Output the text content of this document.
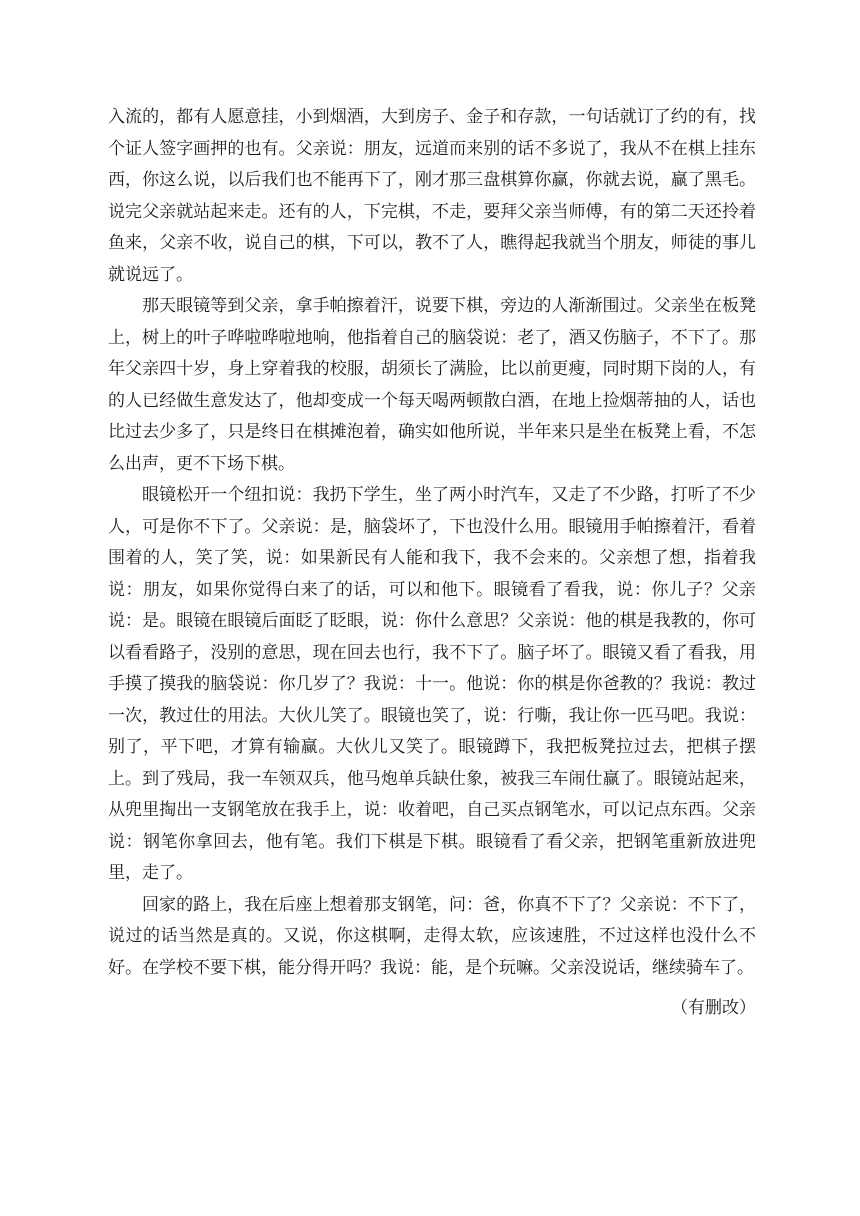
入流的，都有人愿意挂，小到烟酒，大到房子、金子和存款，一句话就订了约的有，找个证人签字画押的也有。父亲说：朋友，远道而来别的话不多说了，我从不在棋上挂东西，你这么说，以后我们也不能再下了，刚才那三盘棋算你赢，你就去说，赢了黑毛。说完父亲就站起来走。还有的人，下完棋，不走，要拜父亲当师傅，有的第二天还拎着鱼来，父亲不收，说自己的棋，下可以，教不了人，瞧得起我就当个朋友，师徒的事儿就说远了。

那天眼镜等到父亲，拿手帕擦着汗，说要下棋，旁边的人渐渐围过。父亲坐在板凳上，树上的叶子哗啦哗啦地响，他指着自己的脑袋说：老了，酒又伤脑子，不下了。那年父亲四十岁，身上穿着我的校服，胡须长了满脸，比以前更瘦，同时期下岗的人，有的人已经做生意发达了，他却变成一个每天喝两顿散白酒，在地上捡烟蒂抽的人，话也比过去少多了，只是终日在棋摊泡着，确实如他所说，半年来只是坐在板凳上看，不怎么出声，更不下场下棋。

眼镜松开一个纽扣说：我扔下学生，坐了两小时汽车，又走了不少路，打听了不少人，可是你不下了。父亲说：是，脑袋坏了，下也没什么用。眼镜用手帕擦着汗，看着围着的人，笑了笑，说：如果新民有人能和我下，我不会来的。父亲想了想，指着我说：朋友，如果你觉得白来了的话，可以和他下。眼镜看了看我，说：你儿子？父亲说：是。眼镜在眼镜后面眨了眨眼，说：你什么意思？父亲说：他的棋是我教的，你可以看看路子，没别的意思，现在回去也行，我不下了。脑子坏了。眼镜又看了看我，用手摸了摸我的脑袋说：你几岁了？我说：十一。他说：你的棋是你爸教的？我说：教过一次，教过仕的用法。大伙儿笑了。眼镜也笑了，说：行嘶，我让你一匹马吧。我说：别了，平下吧，才算有输赢。大伙儿又笑了。眼镜蹲下，我把板凳拉过去，把棋子摆上。到了残局，我一车领双兵，他马炮单兵缺仕象，被我三车闹仕赢了。眼镜站起来，从兜里掏出一支钢笔放在我手上，说：收着吧，自己买点钢笔水，可以记点东西。父亲说：钢笔你拿回去，他有笔。我们下棋是下棋。眼镜看了看父亲，把钢笔重新放进兜里，走了。

回家的路上，我在后座上想着那支钢笔，问：爸，你真不下了？父亲说：不下了，说过的话当然是真的。又说，你这棋啊，走得太软，应该速胜，不过这样也没什么不好。在学校不要下棋，能分得开吗？我说：能，是个玩嘛。父亲没说话，继续骑车了。

（有删改）
